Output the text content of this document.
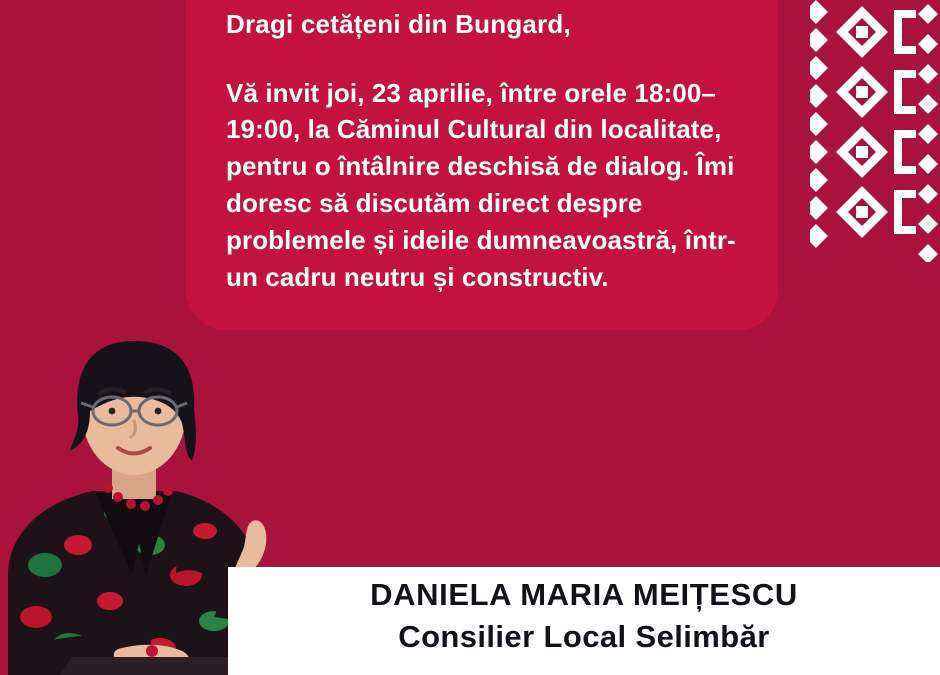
Dragi cetățeni din Bungard,

Vă invit joi, 23 aprilie, între orele 18:00–19:00, la Căminul Cultural din localitate, pentru o întâlnire deschisă de dialog. Îmi doresc să discutăm direct despre problemele și ideile dumneavoastră, într-un cadru neutru și constructiv.

DANIELA MARIA MEIȚESCU

Consilier Local Selimbăr
